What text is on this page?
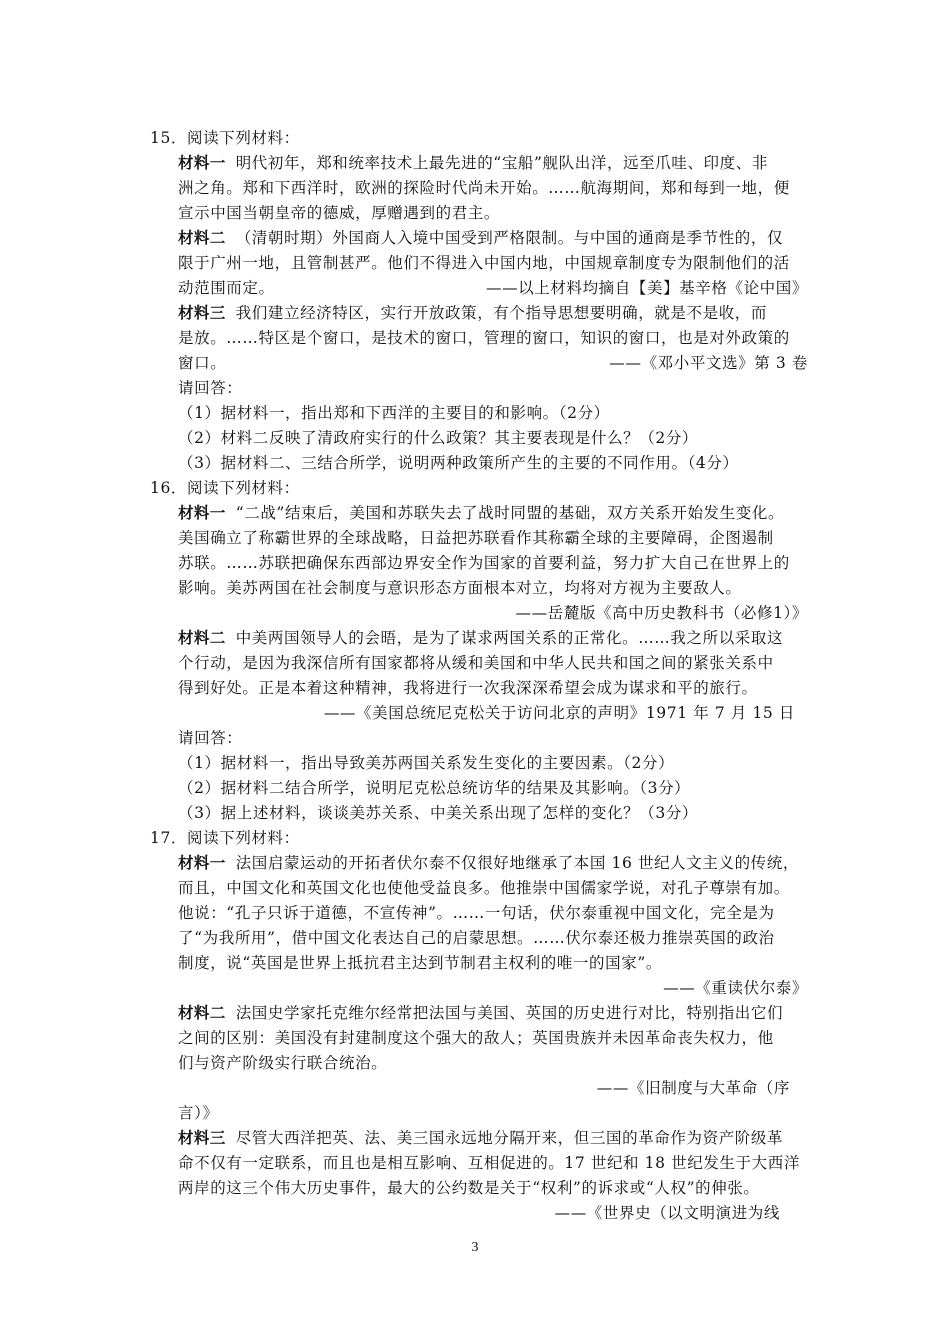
15．阅读下列材料：
材料一 明代初年，郑和统率技术上最先进的“宝船”舰队出洋，远至爪哇、印度、非
洲之角。郑和下西洋时，欧洲的探险时代尚未开始。……航海期间，郑和每到一地，便
宣示中国当朝皇帝的德威，厚赠遇到的君主。
材料二 （清朝时期）外国商人入境中国受到严格限制。与中国的通商是季节性的，仅
限于广州一地，且管制甚严。他们不得进入中国内地，中国规章制度专为限制他们的活
动范围而定。	——以上材料均摘自【美】基辛格《论中国》
材料三 我们建立经济特区，实行开放政策，有个指导思想要明确，就是不是收，而
是放。……特区是个窗口，是技术的窗口，管理的窗口，知识的窗口，也是对外政策的
窗口。	——《邓小平文选》第 3 卷
请回答：
（1）据材料一，指出郑和下西洋的主要目的和影响。（2分）
（2）材料二反映了清政府实行的什么政策？其主要表现是什么？（2分）
（3）据材料二、三结合所学，说明两种政策所产生的主要的不同作用。（4分）
16．阅读下列材料：
材料一 “二战”结束后，美国和苏联失去了战时同盟的基础，双方关系开始发生变化。
美国确立了称霸世界的全球战略，日益把苏联看作其称霸全球的主要障碍，企图遏制
苏联。……苏联把确保东西部边界安全作为国家的首要利益，努力扩大自己在世界上的
影响。美苏两国在社会制度与意识形态方面根本对立，均将对方视为主要敌人。
——岳麓版《高中历史教科书（必修1）》
材料二 中美两国领导人的会晤，是为了谋求两国关系的正常化。……我之所以采取这
个行动，是因为我深信所有国家都将从缓和美国和中华人民共和国之间的紧张关系中
得到好处。正是本着这种精神，我将进行一次我深深希望会成为谋求和平的旅行。
——《美国总统尼克松关于访问北京的声明》1971 年 7 月 15 日
请回答：
（1）据材料一，指出导致美苏两国关系发生变化的主要因素。（2分）
（2）据材料二结合所学，说明尼克松总统访华的结果及其影响。（3分）
（3）据上述材料，谈谈美苏关系、中美关系出现了怎样的变化？（3分）
17．阅读下列材料：
材料一 法国启蒙运动的开拓者伏尔泰不仅很好地继承了本国 16 世纪人文主义的传统，
而且，中国文化和英国文化也使他受益良多。他推崇中国儒家学说，对孔子尊崇有加。
他说：“孔子只诉于道德，不宣传神”。……一句话，伏尔泰重视中国文化，完全是为
了“为我所用”，借中国文化表达自己的启蒙思想。……伏尔泰还极力推崇英国的政治
制度，说“英国是世界上抵抗君主达到节制君主权利的唯一的国家”。
——《重读伏尔泰》
材料二 法国史学家托克维尔经常把法国与美国、英国的历史进行对比，特别指出它们
之间的区别：美国没有封建制度这个强大的敌人；英国贵族并未因革命丧失权力，他
们与资产阶级实行联合统治。
——《旧制度与大革命（序
言）》
材料三 尽管大西洋把英、法、美三国永远地分隔开来，但三国的革命作为资产阶级革
命不仅有一定联系，而且也是相互影响、互相促进的。17 世纪和 18 世纪发生于大西洋
两岸的这三个伟大历史事件，最大的公约数是关于“权利”的诉求或“人权”的伸张。
——《世界史（以文明演进为线
3
